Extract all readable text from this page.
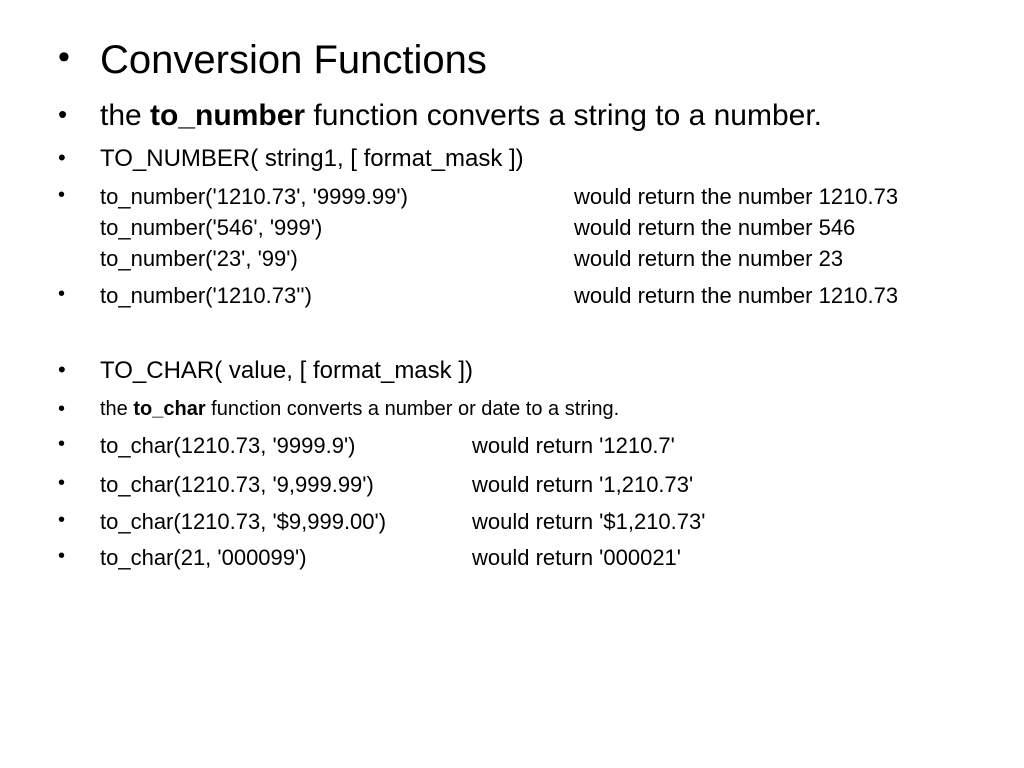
• Conversion Functions
• the to_number function converts a string to a number.
• TO_NUMBER( string1, [ format_mask ])
• to_number('1210.73', '9999.99')	would return the number 1210.73
to_number('546', '999')	would return the number 546
to_number('23', '99')	would return the number 23
• to_number('1210.73'')	would return the number 1210.73
• TO_CHAR( value, [ format_mask ])
• the to_char function converts a number or date to a string.
• to_char(1210.73, '9999.9')	would return '1210.7'
• to_char(1210.73, '9,999.99')	would return '1,210.73'
• to_char(1210.73, '$9,999.00')	would return '$1,210.73'
• to_char(21, '000099')	would return '000021'
